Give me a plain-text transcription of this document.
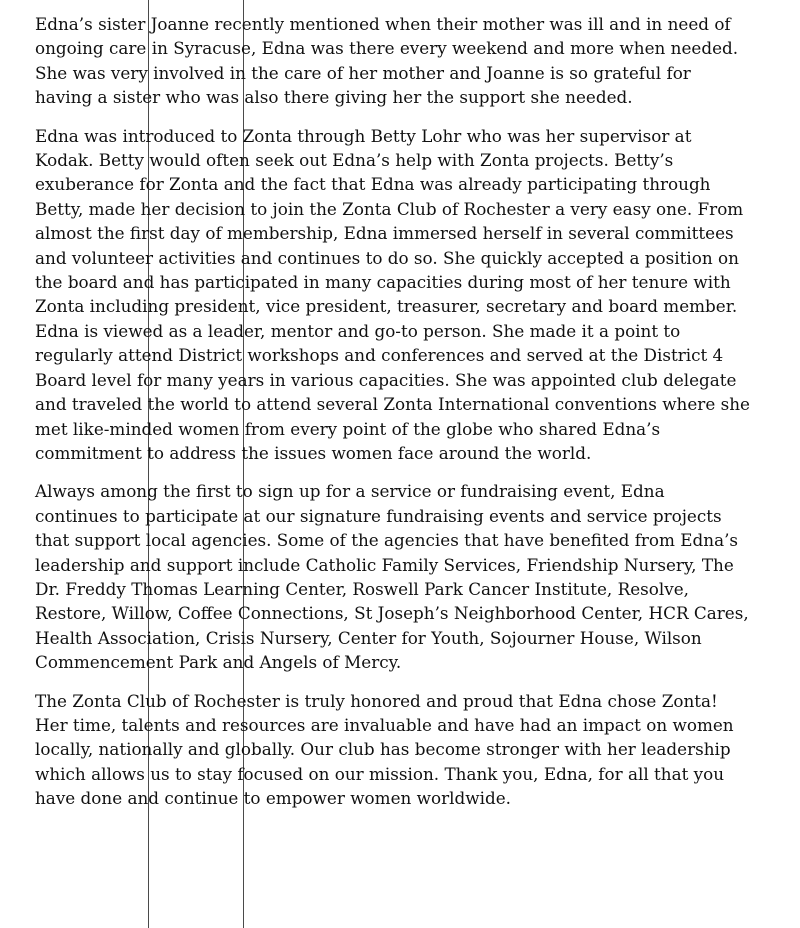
Edna’s sister Joanne recently mentioned when their mother was ill and in need of
ongoing care in Syracuse, Edna was there every weekend and more when needed.
She was very involved in the care of her mother and Joanne is so grateful for
having a sister who was also there giving her the support she needed.

Edna was introduced to Zonta through Betty Lohr who was her supervisor at
Kodak. Betty would often seek out Edna’s help with Zonta projects. Betty’s
exuberance for Zonta and the fact that Edna was already participating through
Betty, made her decision to join the Zonta Club of Rochester a very easy one. From
almost the first day of membership, Edna immersed herself in several committees
and volunteer activities and continues to do so. She quickly accepted a position on
the board and has participated in many capacities during most of her tenure with
Zonta including president, vice president, treasurer, secretary and board member.
Edna is viewed as a leader, mentor and go-to person. She made it a point to
regularly attend District workshops and conferences and served at the District 4
Board level for many years in various capacities. She was appointed club delegate
and traveled the world to attend several Zonta International conventions where she
met like-minded women from every point of the globe who shared Edna’s
commitment to address the issues women face around the world.

Always among the first to sign up for a service or fundraising event, Edna
continues to participate at our signature fundraising events and service projects
that support local agencies. Some of the agencies that have benefited from Edna’s
leadership and support include Catholic Family Services, Friendship Nursery, The
Dr. Freddy Thomas Learning Center, Roswell Park Cancer Institute, Resolve,
Restore, Willow, Coffee Connections, St Joseph’s Neighborhood Center, HCR Cares,
Health Association, Crisis Nursery, Center for Youth, Sojourner House, Wilson
Commencement Park and Angels of Mercy.

The Zonta Club of Rochester is truly honored and proud that Edna chose Zonta!
Her time, talents and resources are invaluable and have had an impact on women
locally, nationally and globally. Our club has become stronger with her leadership
which allows us to stay focused on our mission. Thank you, Edna, for all that you
have done and continue to empower women worldwide.
